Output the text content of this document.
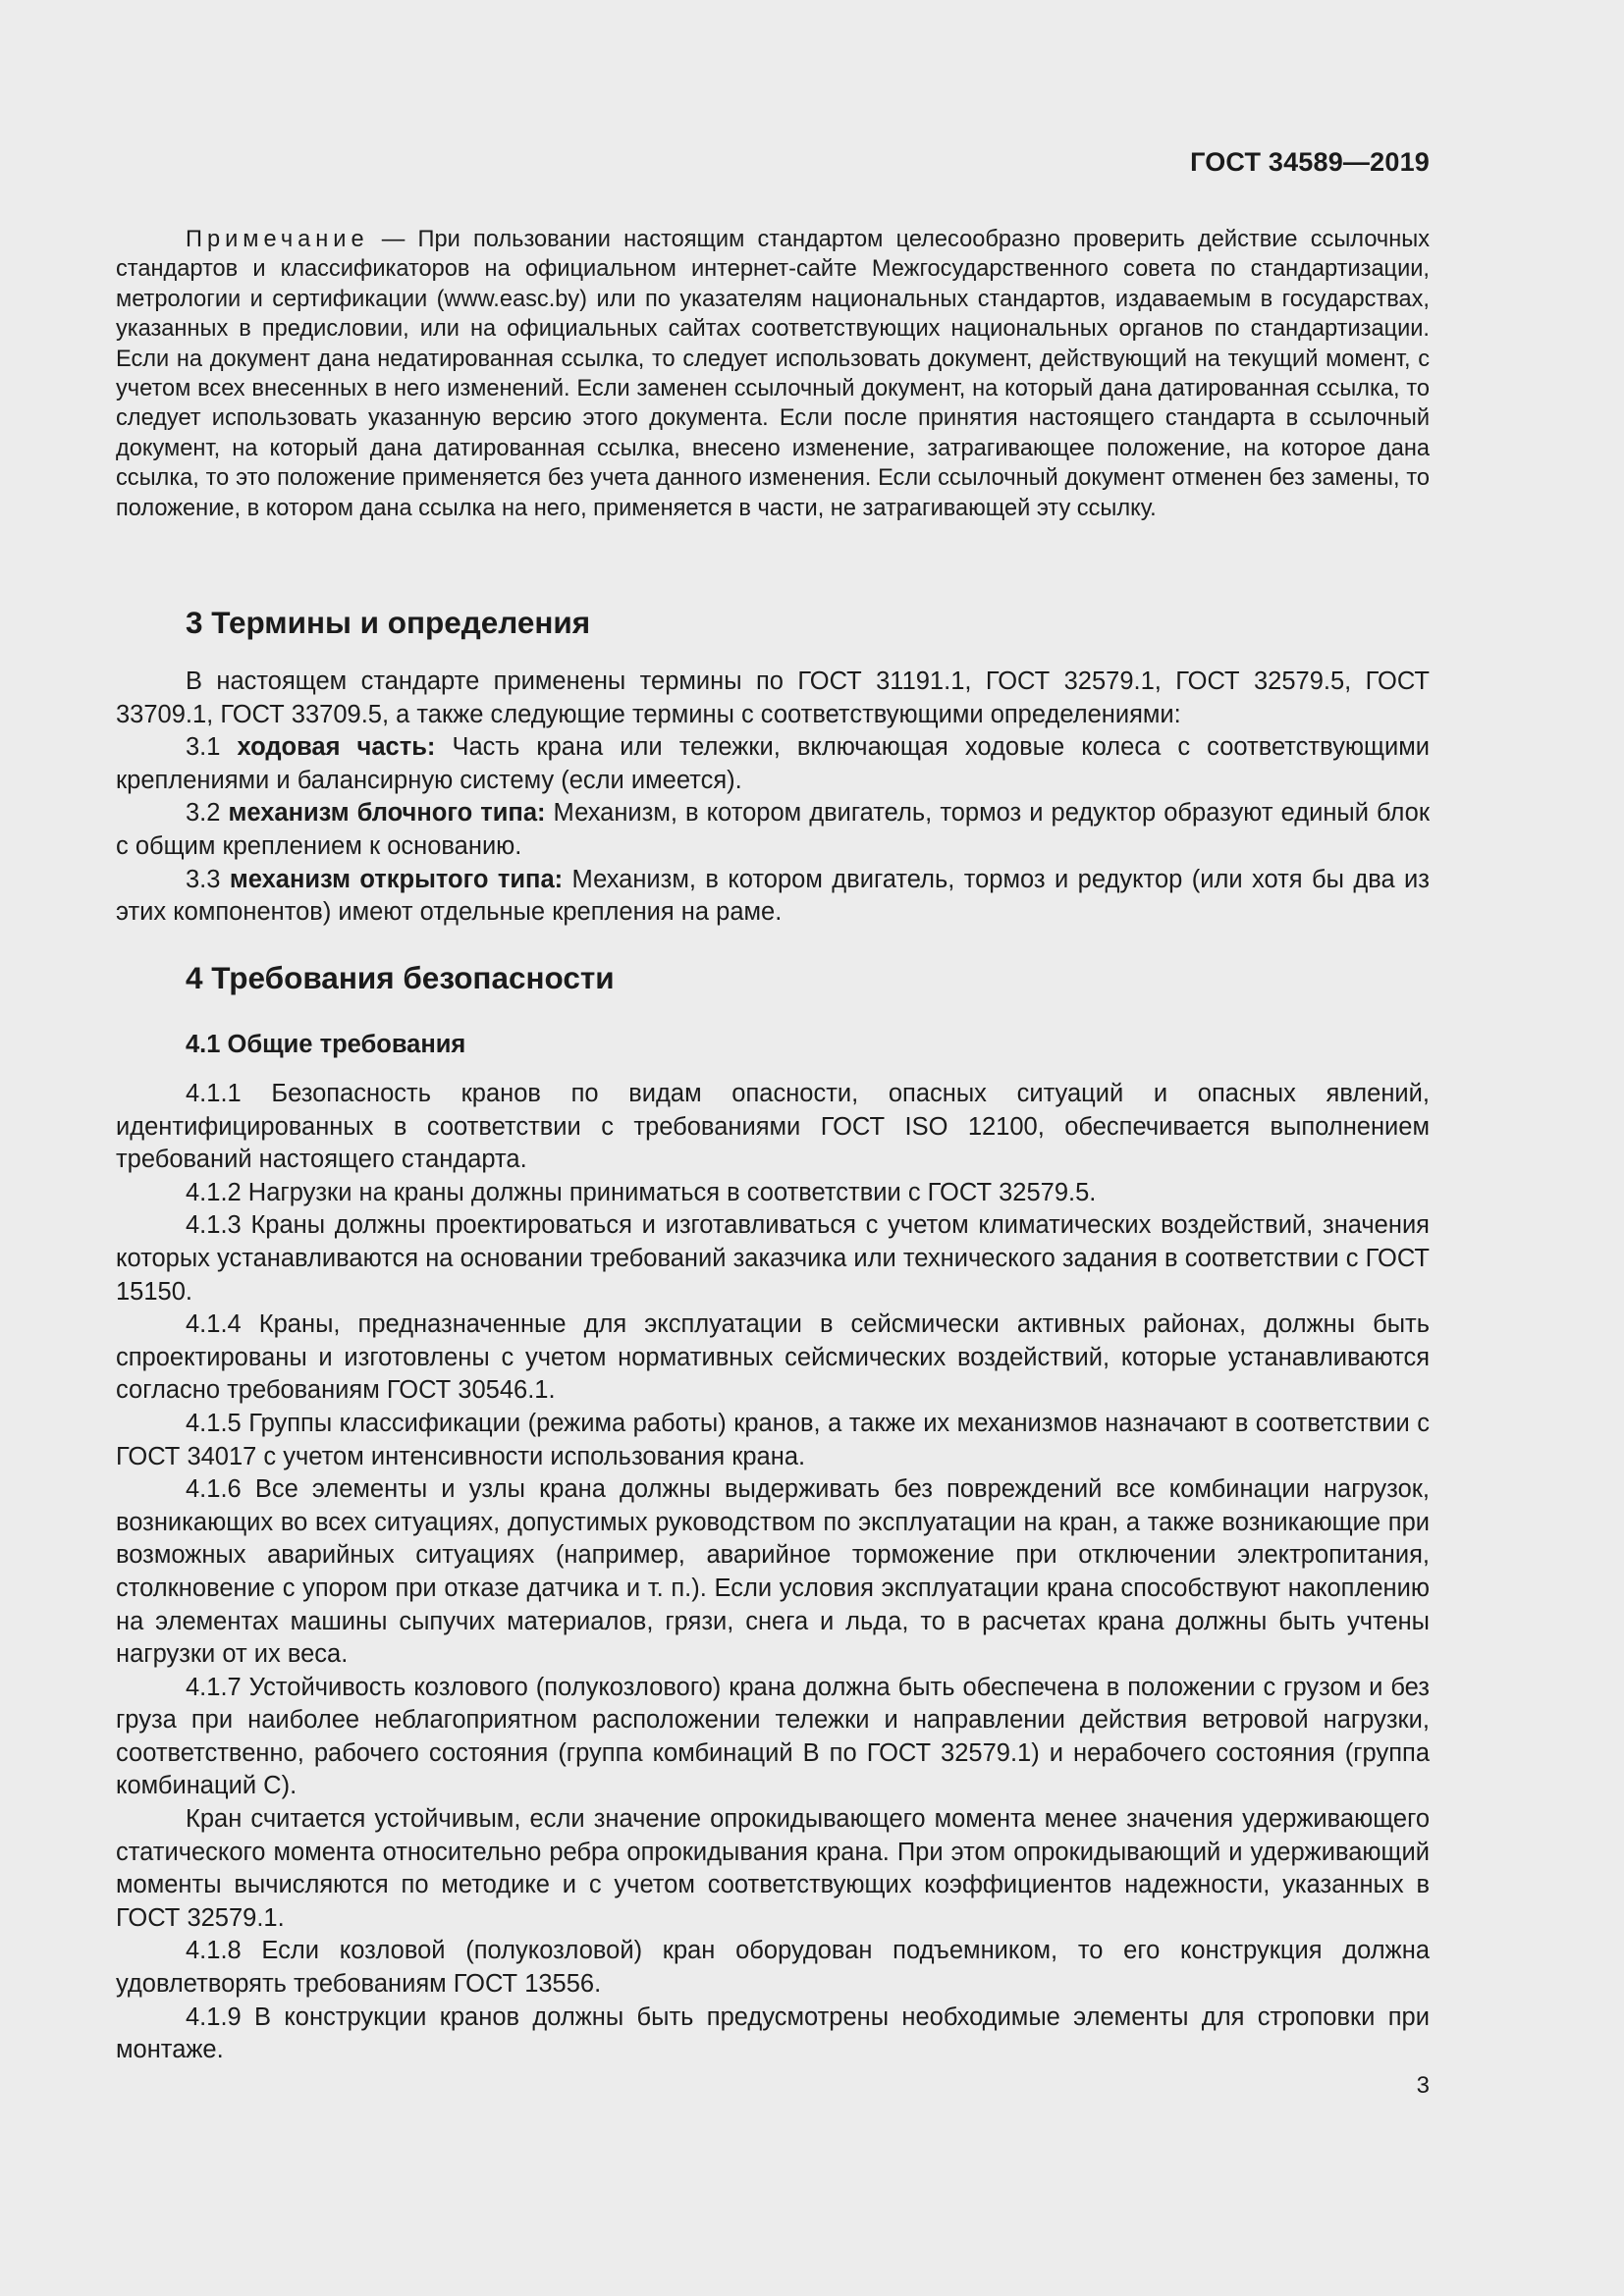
ГОСТ 34589—2019

Примечание — При пользовании настоящим стандартом целесообразно проверить действие ссылочных стандартов и классификаторов на официальном интернет-сайте Межгосударственного совета по стандартизации, метрологии и сертификации (www.easc.by) или по указателям национальных стандартов, издаваемым в государствах, указанных в предисловии, или на официальных сайтах соответствующих национальных органов по стандартизации. Если на документ дана недатированная ссылка, то следует использовать документ, действующий на текущий момент, с учетом всех внесенных в него изменений. Если заменен ссылочный документ, на который дана датированная ссылка, то следует использовать указанную версию этого документа. Если после принятия настоящего стандарта в ссылочный документ, на который дана датированная ссылка, внесено изменение, затрагивающее положение, на которое дана ссылка, то это положение применяется без учета данного изменения. Если ссылочный документ отменен без замены, то положение, в котором дана ссылка на него, применяется в части, не затрагивающей эту ссылку.

3 Термины и определения

В настоящем стандарте применены термины по ГОСТ 31191.1, ГОСТ 32579.1, ГОСТ 32579.5, ГОСТ 33709.1, ГОСТ 33709.5, а также следующие термины с соответствующими определениями:

3.1 ходовая часть: Часть крана или тележки, включающая ходовые колеса с соответствующими креплениями и балансирную систему (если имеется).

3.2 механизм блочного типа: Механизм, в котором двигатель, тормоз и редуктор образуют единый блок с общим креплением к основанию.

3.3 механизм открытого типа: Механизм, в котором двигатель, тормоз и редуктор (или хотя бы два из этих компонентов) имеют отдельные крепления на раме.

4 Требования безопасности
4.1 Общие требования

4.1.1 Безопасность кранов по видам опасности, опасных ситуаций и опасных явлений, идентифицированных в соответствии с требованиями ГОСТ ISO 12100, обеспечивается выполнением требований настоящего стандарта.

4.1.2 Нагрузки на краны должны приниматься в соответствии с ГОСТ 32579.5.

4.1.3 Краны должны проектироваться и изготавливаться с учетом климатических воздействий, значения которых устанавливаются на основании требований заказчика или технического задания в соответствии с ГОСТ 15150.

4.1.4 Краны, предназначенные для эксплуатации в сейсмически активных районах, должны быть спроектированы и изготовлены с учетом нормативных сейсмических воздействий, которые устанавливаются согласно требованиям ГОСТ 30546.1.

4.1.5 Группы классификации (режима работы) кранов, а также их механизмов назначают в соответствии с ГОСТ 34017 с учетом интенсивности использования крана.

4.1.6 Все элементы и узлы крана должны выдерживать без повреждений все комбинации нагрузок, возникающих во всех ситуациях, допустимых руководством по эксплуатации на кран, а также возникающие при возможных аварийных ситуациях (например, аварийное торможение при отключении электропитания, столкновение с упором при отказе датчика и т. п.). Если условия эксплуатации крана способствуют накоплению на элементах машины сыпучих материалов, грязи, снега и льда, то в расчетах крана должны быть учтены нагрузки от их веса.

4.1.7 Устойчивость козлового (полукозлового) крана должна быть обеспечена в положении с грузом и без груза при наиболее неблагоприятном расположении тележки и направлении действия ветровой нагрузки, соответственно, рабочего состояния (группа комбинаций B по ГОСТ 32579.1) и нерабочего состояния (группа комбинаций C).

Кран считается устойчивым, если значение опрокидывающего момента менее значения удерживающего статического момента относительно ребра опрокидывания крана. При этом опрокидывающий и удерживающий моменты вычисляются по методике и с учетом соответствующих коэффициентов надежности, указанных в ГОСТ 32579.1.

4.1.8 Если козловой (полукозловой) кран оборудован подъемником, то его конструкция должна удовлетворять требованиям ГОСТ 13556.

4.1.9 В конструкции кранов должны быть предусмотрены необходимые элементы для строповки при монтаже.

3
